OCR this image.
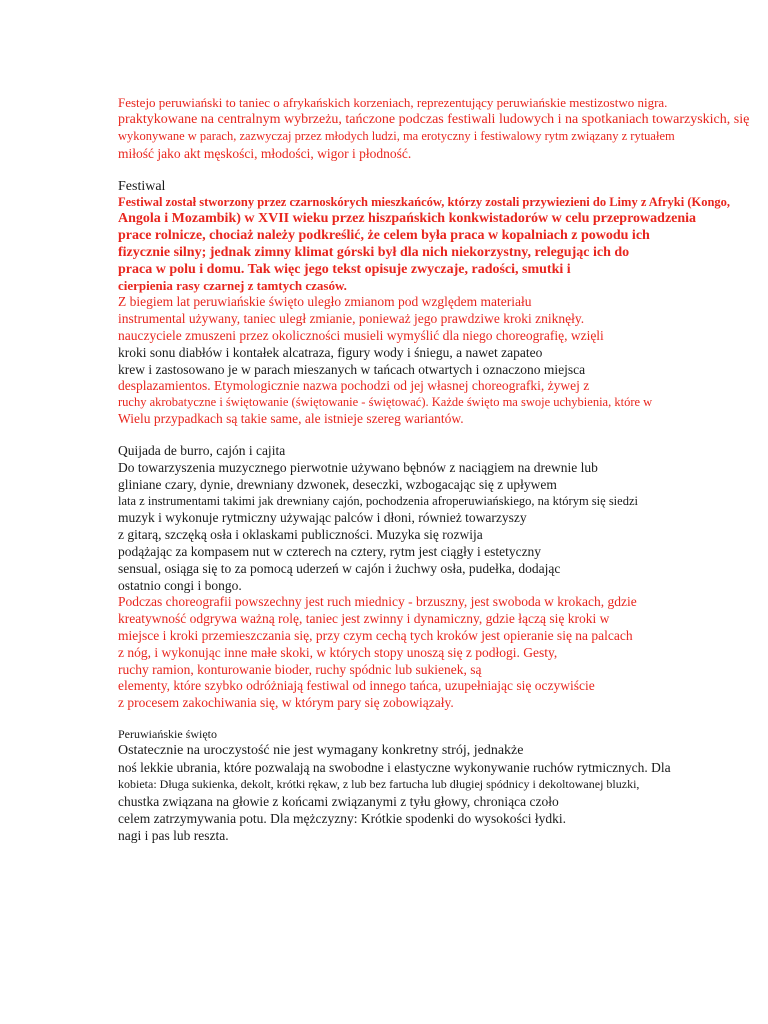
Festejo peruwiański to taniec o afrykańskich korzeniach, reprezentujący peruwiańskie mestizostwo nigra.
praktykowane na centralnym wybrzeżu, tańczone podczas festiwali ludowych i na spotkaniach towarzyskich, się
wykonywane w parach, zazwyczaj przez młodych ludzi, ma erotyczny i festiwalowy rytm związany z rytuałem
miłość jako akt męskości, młodości, wigor i płodność.
Festiwal
Festiwal został stworzony przez czarnoskórych mieszkańców, którzy zostali przywiezieni do Limy z Afryki (Kongo,
Angola i Mozambik) w XVII wieku przez hiszpańskich konkwistadorów w celu przeprowadzenia
prace rolnicze, chociaż należy podkreślić, że celem była praca w kopalniach z powodu ich
fizycznie silny; jednak zimny klimat górski był dla nich niekorzystny, relegując ich do
praca w polu i domu. Tak więc jego tekst opisuje zwyczaje, radości, smutki i
cierpienia rasy czarnej z tamtych czasów.
Z biegiem lat peruwiańskie święto uległo zmianom pod względem materiału
instrumental używany, taniec uległ zmianie, ponieważ jego prawdziwe kroki zniknęły.
nauczyciele zmuszeni przez okoliczności musieli wymyślić dla niego choreografię, wzięli
kroki sonu diabłów i kontałek alcatraza, figury wody i śniegu, a nawet zapateo
krew i zastosowano je w parach mieszanych w tańcach otwartych i oznaczono miejsca
desplazamientos. Etymologicznie nazwa pochodzi od jej własnej choreografki, żywej z
ruchy akrobatyczne i świętowanie (świętowanie - świętować). Każde święto ma swoje uchybienia, które w
Wielu przypadkach są takie same, ale istnieje szereg wariantów.
Quijada de burro, cajón i cajita
Do towarzyszenia muzycznego pierwotnie używano bębnów z naciągiem na drewnie lub
gliniane czary, dynie, drewniany dzwonek, deseczki, wzbogacając się z upływem
lata z instrumentami takimi jak drewniany cajón, pochodzenia afroperuwiańskiego, na którym się siedzi
muzyk i wykonuje rytmiczny używając palców i dłoni, również towarzyszy
z gitarą, szczęką osła i oklaskami publiczności. Muzyka się rozwija
podążając za kompasem nut w czterech na cztery, rytm jest ciągły i estetyczny
sensual, osiąga się to za pomocą uderzeń w cajón i żuchwy osła, pudełka, dodając
ostatnio congi i bongo.
Podczas choreografii powszechny jest ruch miednicy - brzuszny, jest swoboda w krokach, gdzie
kreatywność odgrywa ważną rolę, taniec jest zwinny i dynamiczny, gdzie łączą się kroki w
miejsce i kroki przemieszczania się, przy czym cechą tych kroków jest opieranie się na palcach
z nóg, i wykonując inne małe skoki, w których stopy unoszą się z podłogi. Gesty,
ruchy ramion, konturowanie bioder, ruchy spódnic lub sukienek, są
elementy, które szybko odróżniają festiwal od innego tańca, uzupełniając się oczywiście
z procesem zakochiwania się, w którym pary się zobowiązały.
Peruwiańskie święto
Ostatecznie na uroczystość nie jest wymagany konkretny strój, jednakże
noś lekkie ubrania, które pozwalają na swobodne i elastyczne wykonywanie ruchów rytmicznych. Dla
kobieta: Długa sukienka, dekolt, krótki rękaw, z lub bez fartucha lub długiej spódnicy i dekoltowanej bluzki,
chustka związana na głowie z końcami związanymi z tyłu głowy, chroniąca czoło
celem zatrzymywania potu. Dla mężczyzny: Krótkie spodenki do wysokości łydki.
nagi i pas lub reszta.
